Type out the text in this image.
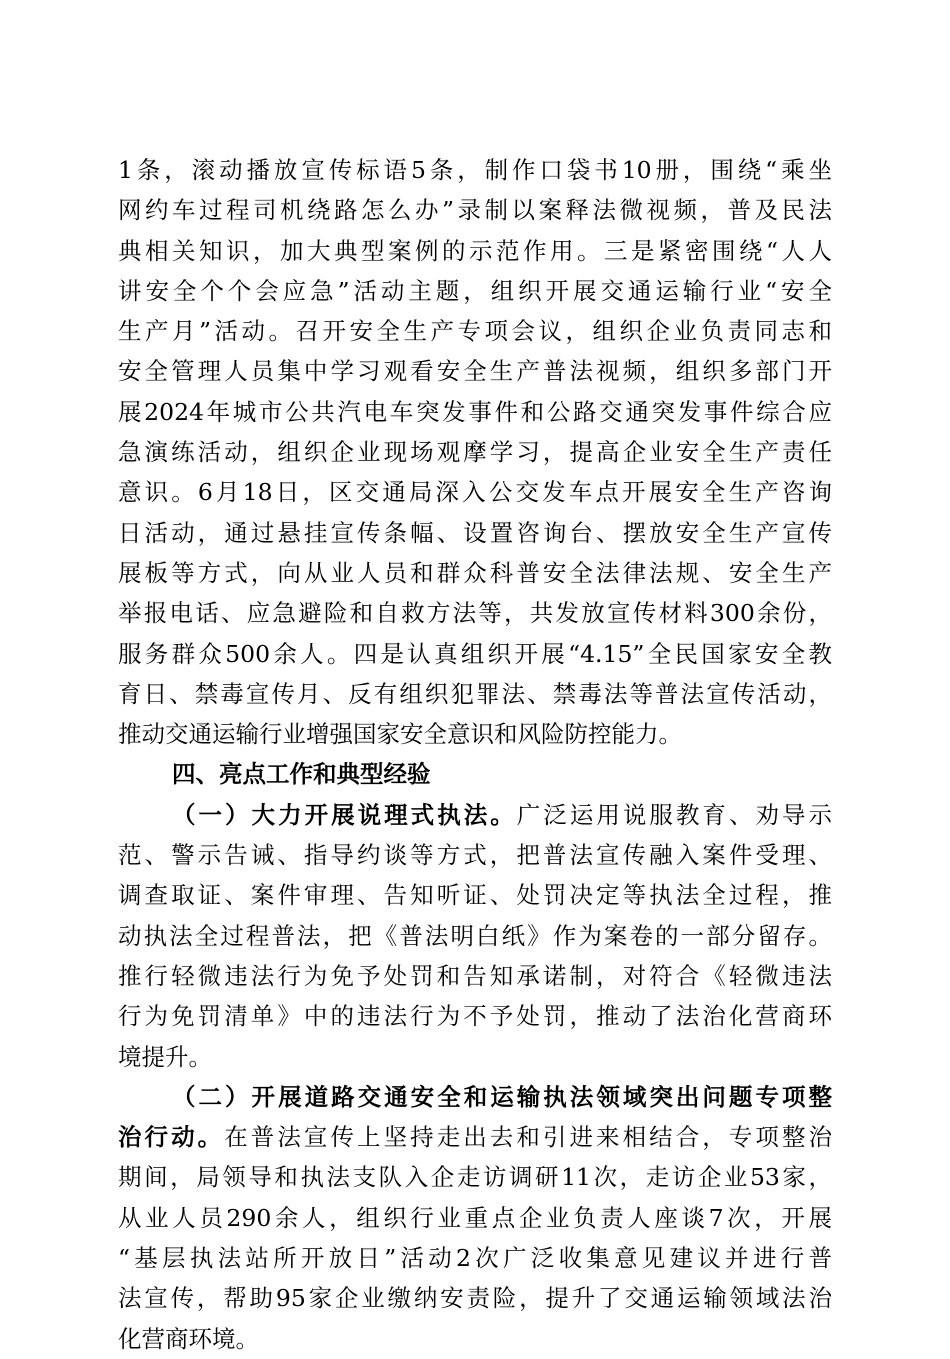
1条，滚动播放宣传标语5条，制作口袋书10册，围绕“乘坐
网约车过程司机绕路怎么办”录制以案释法微视频，普及民法
典相关知识，加大典型案例的示范作用。三是紧密围绕“人人
讲安全个个会应急”活动主题，组织开展交通运输行业“安全
生产月”活动。召开安全生产专项会议，组织企业负责同志和
安全管理人员集中学习观看安全生产普法视频，组织多部门开
展2024年城市公共汽电车突发事件和公路交通突发事件综合应
急演练活动，组织企业现场观摩学习，提高企业安全生产责任
意识。6月18日，区交通局深入公交发车点开展安全生产咨询
日活动，通过悬挂宣传条幅、设置咨询台、摆放安全生产宣传
展板等方式，向从业人员和群众科普安全法律法规、安全生产
举报电话、应急避险和自救方法等，共发放宣传材料300余份，
服务群众500余人。四是认真组织开展“4.15”全民国家安全教
育日、禁毒宣传月、反有组织犯罪法、禁毒法等普法宣传活动，
推动交通运输行业增强国家安全意识和风险防控能力。
四、亮点工作和典型经验
（一）大力开展说理式执法。广泛运用说服教育、劝导示
范、警示告诫、指导约谈等方式，把普法宣传融入案件受理、
调查取证、案件审理、告知听证、处罚决定等执法全过程，推
动执法全过程普法，把《普法明白纸》作为案卷的一部分留存。
推行轻微违法行为免予处罚和告知承诺制，对符合《轻微违法
行为免罚清单》中的违法行为不予处罚，推动了法治化营商环
境提升。
（二）开展道路交通安全和运输执法领域突出问题专项整
治行动。在普法宣传上坚持走出去和引进来相结合，专项整治
期间，局领导和执法支队入企走访调研11次，走访企业53家，
从业人员290余人，组织行业重点企业负责人座谈7次，开展
“基层执法站所开放日”活动2次广泛收集意见建议并进行普
法宣传，帮助95家企业缴纳安责险，提升了交通运输领域法治
化营商环境。
